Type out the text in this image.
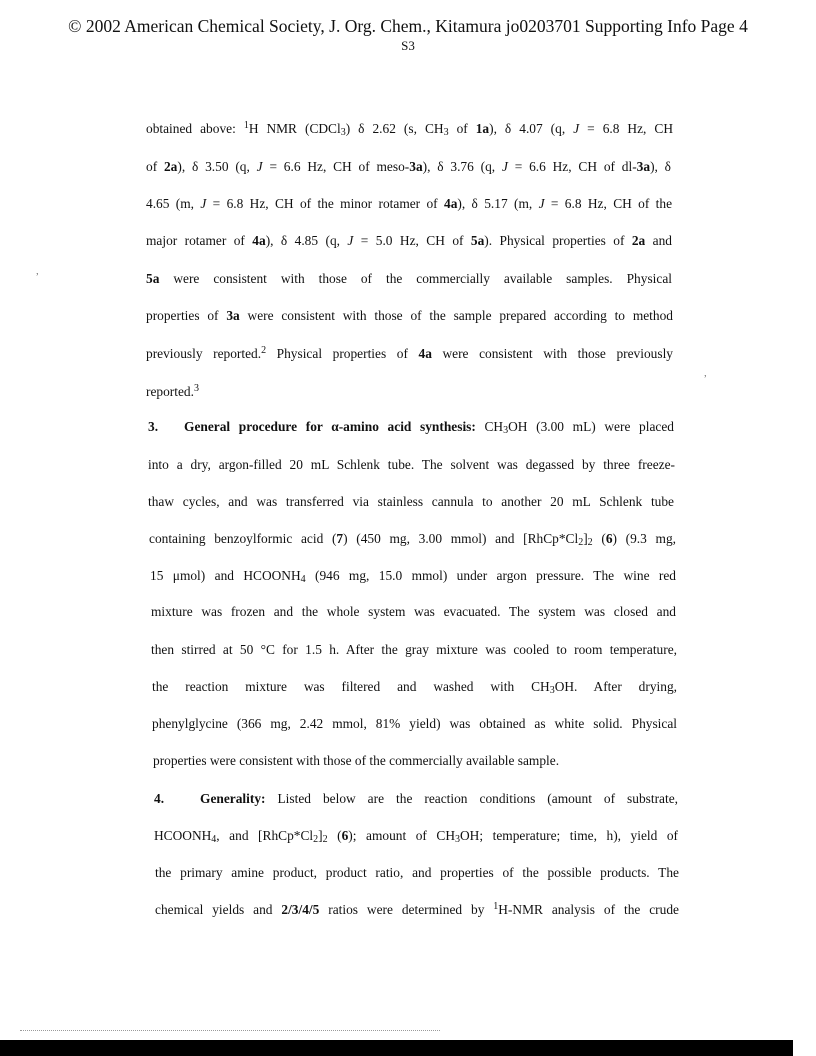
© 2002 American Chemical Society, J. Org. Chem., Kitamura jo0203701 Supporting Info Page 4
S3
obtained above: $^1$H NMR (CDCl$_3$) δ 2.62 (s, $CH_3$ of 1a), δ 4.07 (q, J = 6.8 Hz, CH
of 2a), δ 3.50 (q, J = 6.6 Hz, CH of meso-3a), δ 3.76 (q, J = 6.6 Hz, CH of dl-3a), δ
4.65 (m, J = 6.8 Hz, CH of the minor rotamer of 4a), δ 5.17 (m, J = 6.8 Hz, CH of the
major rotamer of 4a), δ 4.85 (q, J = 5.0 Hz, CH of 5a). Physical properties of 2a and
5a were consistent with those of the commercially available samples. Physical
properties of 3a were consistent with those of the sample prepared according to method
previously reported.$^2$ Physical properties of 4a were consistent with those previously
reported.$^3$
3. General procedure for α-amino acid synthesis: $CH_3OH$ (3.00 mL) were placed
into a dry, argon-filled 20 mL Schlenk tube. The solvent was degassed by three freeze-
thaw cycles, and was transferred via stainless cannula to another 20 mL Schlenk tube
containing benzoylformic acid (7) (450 mg, 3.00 mmol) and $[RhCp*Cl_2]_2$ (6) (9.3 mg,
15 μmol) and $HCOONH_4$ (946 mg, 15.0 mmol) under argon pressure. The wine red
mixture was frozen and the whole system was evacuated. The system was closed and
then stirred at 50 °C for 1.5 h. After the gray mixture was cooled to room temperature,
the reaction mixture was filtered and washed with $CH_3OH$. After drying,
phenylglycine (366 mg, 2.42 mmol, 81% yield) was obtained as white solid. Physical
properties were consistent with those of the commercially available sample.
4.	Generality: Listed below are the reaction conditions (amount of substrate,
$HCOONH_4$, and $[RhCp*Cl_2]_2$ (6); amount of $CH_3OH$; temperature; time, h), yield of
the primary amine product, product ratio, and properties of the possible products. The
chemical yields and 2/3/4/5 ratios were determined by $^1$H-NMR analysis of the crude
,
,
